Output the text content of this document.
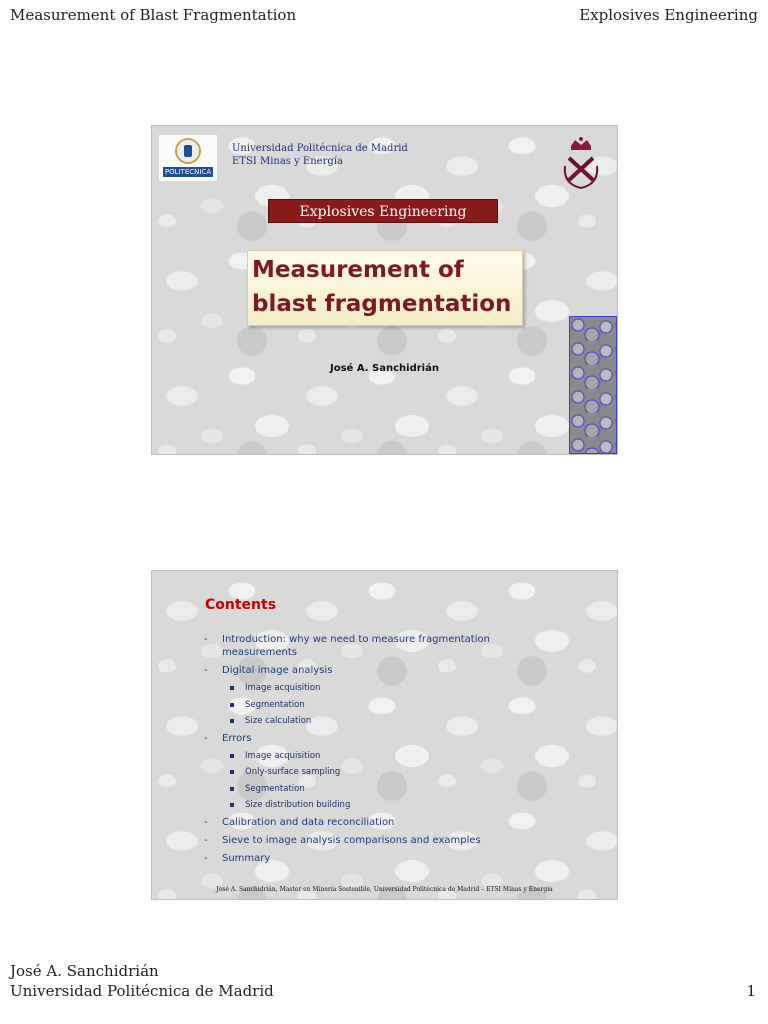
Measurement of Blast Fragmentation	Explosives Engineering
POLITÉCNICA
Universidad Politécnica de Madrid
ETSI Minas y Energía
Explosives Engineering
Measurement of
blast fragmentation
José A. Sanchidrián
Contents
- Introduction: why we need to measure fragmentation measurements
- Digital image analysis
Image acquisition
Segmentation
Size calculation
- Errors
Image acquisition
Only-surface sampling
Segmentation
Size distribution building
- Calibration and data reconciliation
- Sieve to image analysis comparisons and examples
- Summary
José A. Sanchidrián, Master en Minería Sostenible, Universidad Politécnica de Madrid – ETSI Minas y Energía
José A. Sanchidrián
Universidad Politécnica de Madrid	1
